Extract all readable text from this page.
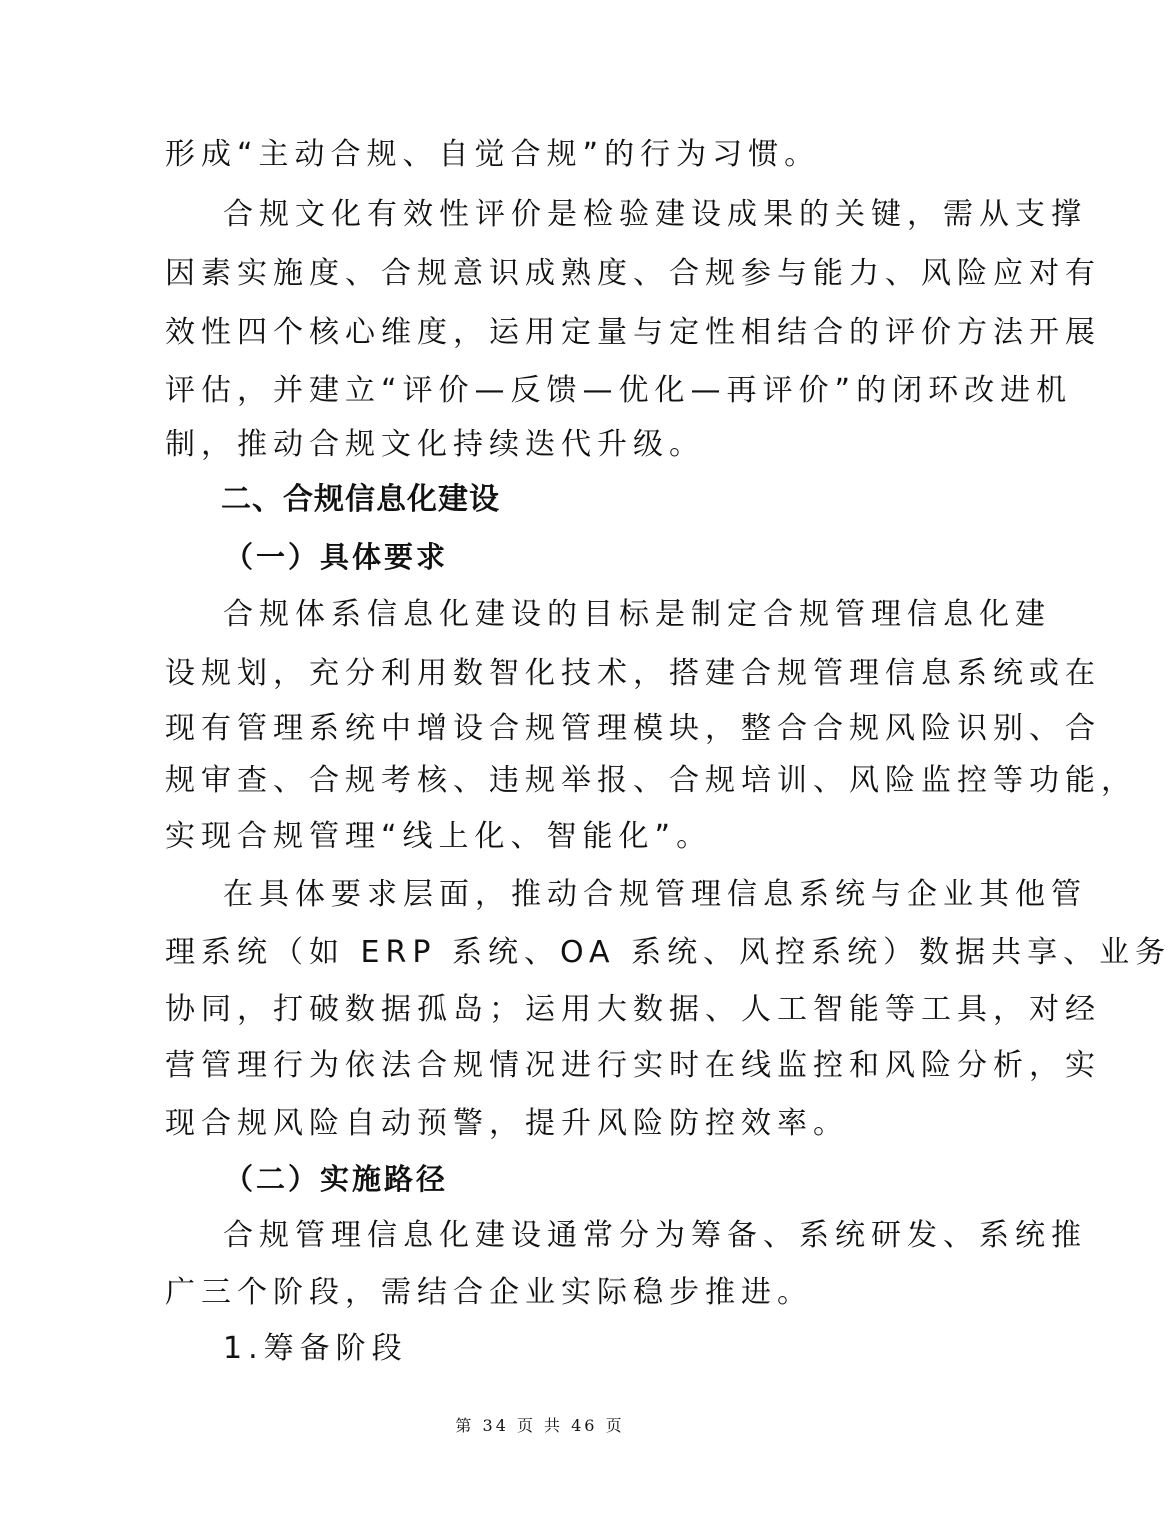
形成“主动合规、自觉合规”的行为习惯。
合规文化有效性评价是检验建设成果的关键，需从支撑
因素实施度、合规意识成熟度、合规参与能力、风险应对有
效性四个核心维度，运用定量与定性相结合的评价方法开展
评估，并建立“评价—反馈—优化—再评价”的闭环改进机
制，推动合规文化持续迭代升级。
二、合规信息化建设
（一）具体要求
合规体系信息化建设的目标是制定合规管理信息化建
设规划，充分利用数智化技术，搭建合规管理信息系统或在
现有管理系统中增设合规管理模块，整合合规风险识别、合
规审查、合规考核、违规举报、合规培训、风险监控等功能，
实现合规管理“线上化、智能化”。
在具体要求层面，推动合规管理信息系统与企业其他管
理系统（如 ERP 系统、OA 系统、风控系统）数据共享、业务
协同，打破数据孤岛；运用大数据、人工智能等工具，对经
营管理行为依法合规情况进行实时在线监控和风险分析，实
现合规风险自动预警，提升风险防控效率。
（二）实施路径
合规管理信息化建设通常分为筹备、系统研发、系统推
广三个阶段，需结合企业实际稳步推进。
1.筹备阶段
第 34 页 共 46 页
